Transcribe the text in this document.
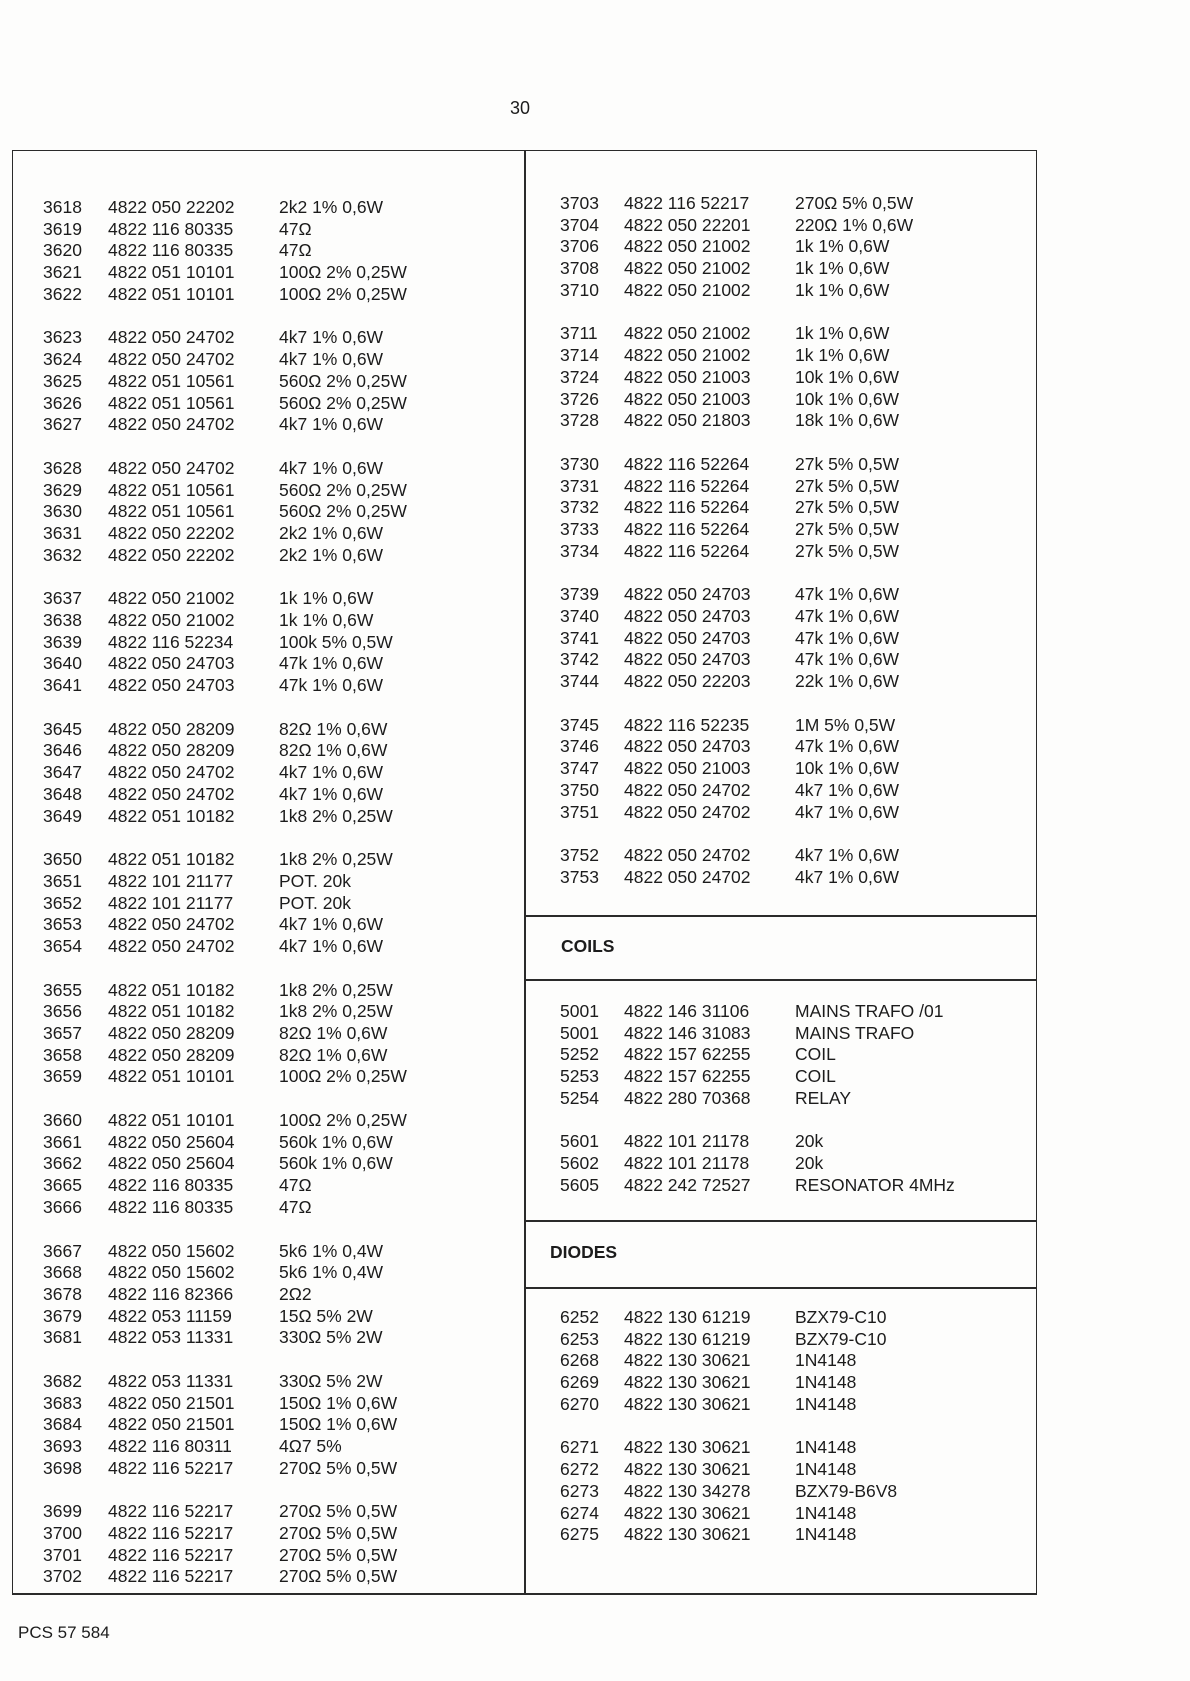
30
3618 4822 050 22202	2k2 1% 0,6W
3619 4822 116 80335	47Ω
3620 4822 116 80335	47Ω
3621 4822 051 10101	100Ω 2% 0,25W
3622 4822 051 10101	100Ω 2% 0,25W
3623 4822 050 24702	4k7 1% 0,6W
3624 4822 050 24702	4k7 1% 0,6W
3625 4822 051 10561	560Ω 2% 0,25W
3626 4822 051 10561	560Ω 2% 0,25W
3627 4822 050 24702	4k7 1% 0,6W
3628 4822 050 24702	4k7 1% 0,6W
3629 4822 051 10561	560Ω 2% 0,25W
3630 4822 051 10561	560Ω 2% 0,25W
3631 4822 050 22202	2k2 1% 0,6W
3632 4822 050 22202	2k2 1% 0,6W
3637 4822 050 21002	1k 1% 0,6W
3638 4822 050 21002	1k 1% 0,6W
3639 4822 116 52234	100k 5% 0,5W
3640 4822 050 24703	47k 1% 0,6W
3641 4822 050 24703	47k 1% 0,6W
3645 4822 050 28209	82Ω 1% 0,6W
3646 4822 050 28209	82Ω 1% 0,6W
3647 4822 050 24702	4k7 1% 0,6W
3648 4822 050 24702	4k7 1% 0,6W
3649 4822 051 10182	1k8 2% 0,25W
3650 4822 051 10182	1k8 2% 0,25W
3651 4822 101 21177	POT. 20k
3652 4822 101 21177	POT. 20k
3653 4822 050 24702	4k7 1% 0,6W
3654 4822 050 24702	4k7 1% 0,6W
3655 4822 051 10182	1k8 2% 0,25W
3656 4822 051 10182	1k8 2% 0,25W
3657 4822 050 28209	82Ω 1% 0,6W
3658 4822 050 28209	82Ω 1% 0,6W
3659 4822 051 10101	100Ω 2% 0,25W
3660 4822 051 10101	100Ω 2% 0,25W
3661 4822 050 25604	560k 1% 0,6W
3662 4822 050 25604	560k 1% 0,6W
3665 4822 116 80335	47Ω
3666 4822 116 80335	47Ω
3667 4822 050 15602	5k6 1% 0,4W
3668 4822 050 15602	5k6 1% 0,4W
3678 4822 116 82366	2Ω2
3679 4822 053 11159	15Ω 5% 2W
3681 4822 053 11331	330Ω 5% 2W
3682 4822 053 11331	330Ω 5% 2W
3683 4822 050 21501	150Ω 1% 0,6W
3684 4822 050 21501	150Ω 1% 0,6W
3693 4822 116 80311	4Ω7 5%
3698 4822 116 52217	270Ω 5% 0,5W
3699 4822 116 52217	270Ω 5% 0,5W
3700 4822 116 52217	270Ω 5% 0,5W
3701 4822 116 52217	270Ω 5% 0,5W
3702 4822 116 52217	270Ω 5% 0,5W
3703 4822 116 52217	270Ω 5% 0,5W
3704 4822 050 22201	220Ω 1% 0,6W
3706 4822 050 21002	1k 1% 0,6W
3708 4822 050 21002	1k 1% 0,6W
3710 4822 050 21002	1k 1% 0,6W
3711 4822 050 21002	1k 1% 0,6W
3714 4822 050 21002	1k 1% 0,6W
3724 4822 050 21003	10k 1% 0,6W
3726 4822 050 21003	10k 1% 0,6W
3728 4822 050 21803	18k 1% 0,6W
3730 4822 116 52264	27k 5% 0,5W
3731 4822 116 52264	27k 5% 0,5W
3732 4822 116 52264	27k 5% 0,5W
3733 4822 116 52264	27k 5% 0,5W
3734 4822 116 52264	27k 5% 0,5W
3739 4822 050 24703	47k 1% 0,6W
3740 4822 050 24703	47k 1% 0,6W
3741 4822 050 24703	47k 1% 0,6W
3742 4822 050 24703	47k 1% 0,6W
3744 4822 050 22203	22k 1% 0,6W
3745 4822 116 52235	1M 5% 0,5W
3746 4822 050 24703	47k 1% 0,6W
3747 4822 050 21003	10k 1% 0,6W
3750 4822 050 24702	4k7 1% 0,6W
3751 4822 050 24702	4k7 1% 0,6W
3752 4822 050 24702	4k7 1% 0,6W
3753 4822 050 24702	4k7 1% 0,6W
COILS
5001 4822 146 31106	MAINS TRAFO /01
5001 4822 146 31083	MAINS TRAFO
5252 4822 157 62255	COIL
5253 4822 157 62255	COIL
5254 4822 280 70368	RELAY
5601 4822 101 21178	20k
5602 4822 101 21178	20k
5605 4822 242 72527	RESONATOR 4MHz
DIODES
6252 4822 130 61219	BZX79-C10
6253 4822 130 61219	BZX79-C10
6268 4822 130 30621	1N4148
6269 4822 130 30621	1N4148
6270 4822 130 30621	1N4148
6271 4822 130 30621	1N4148
6272 4822 130 30621	1N4148
6273 4822 130 34278	BZX79-B6V8
6274 4822 130 30621	1N4148
6275 4822 130 30621	1N4148
PCS 57 584
